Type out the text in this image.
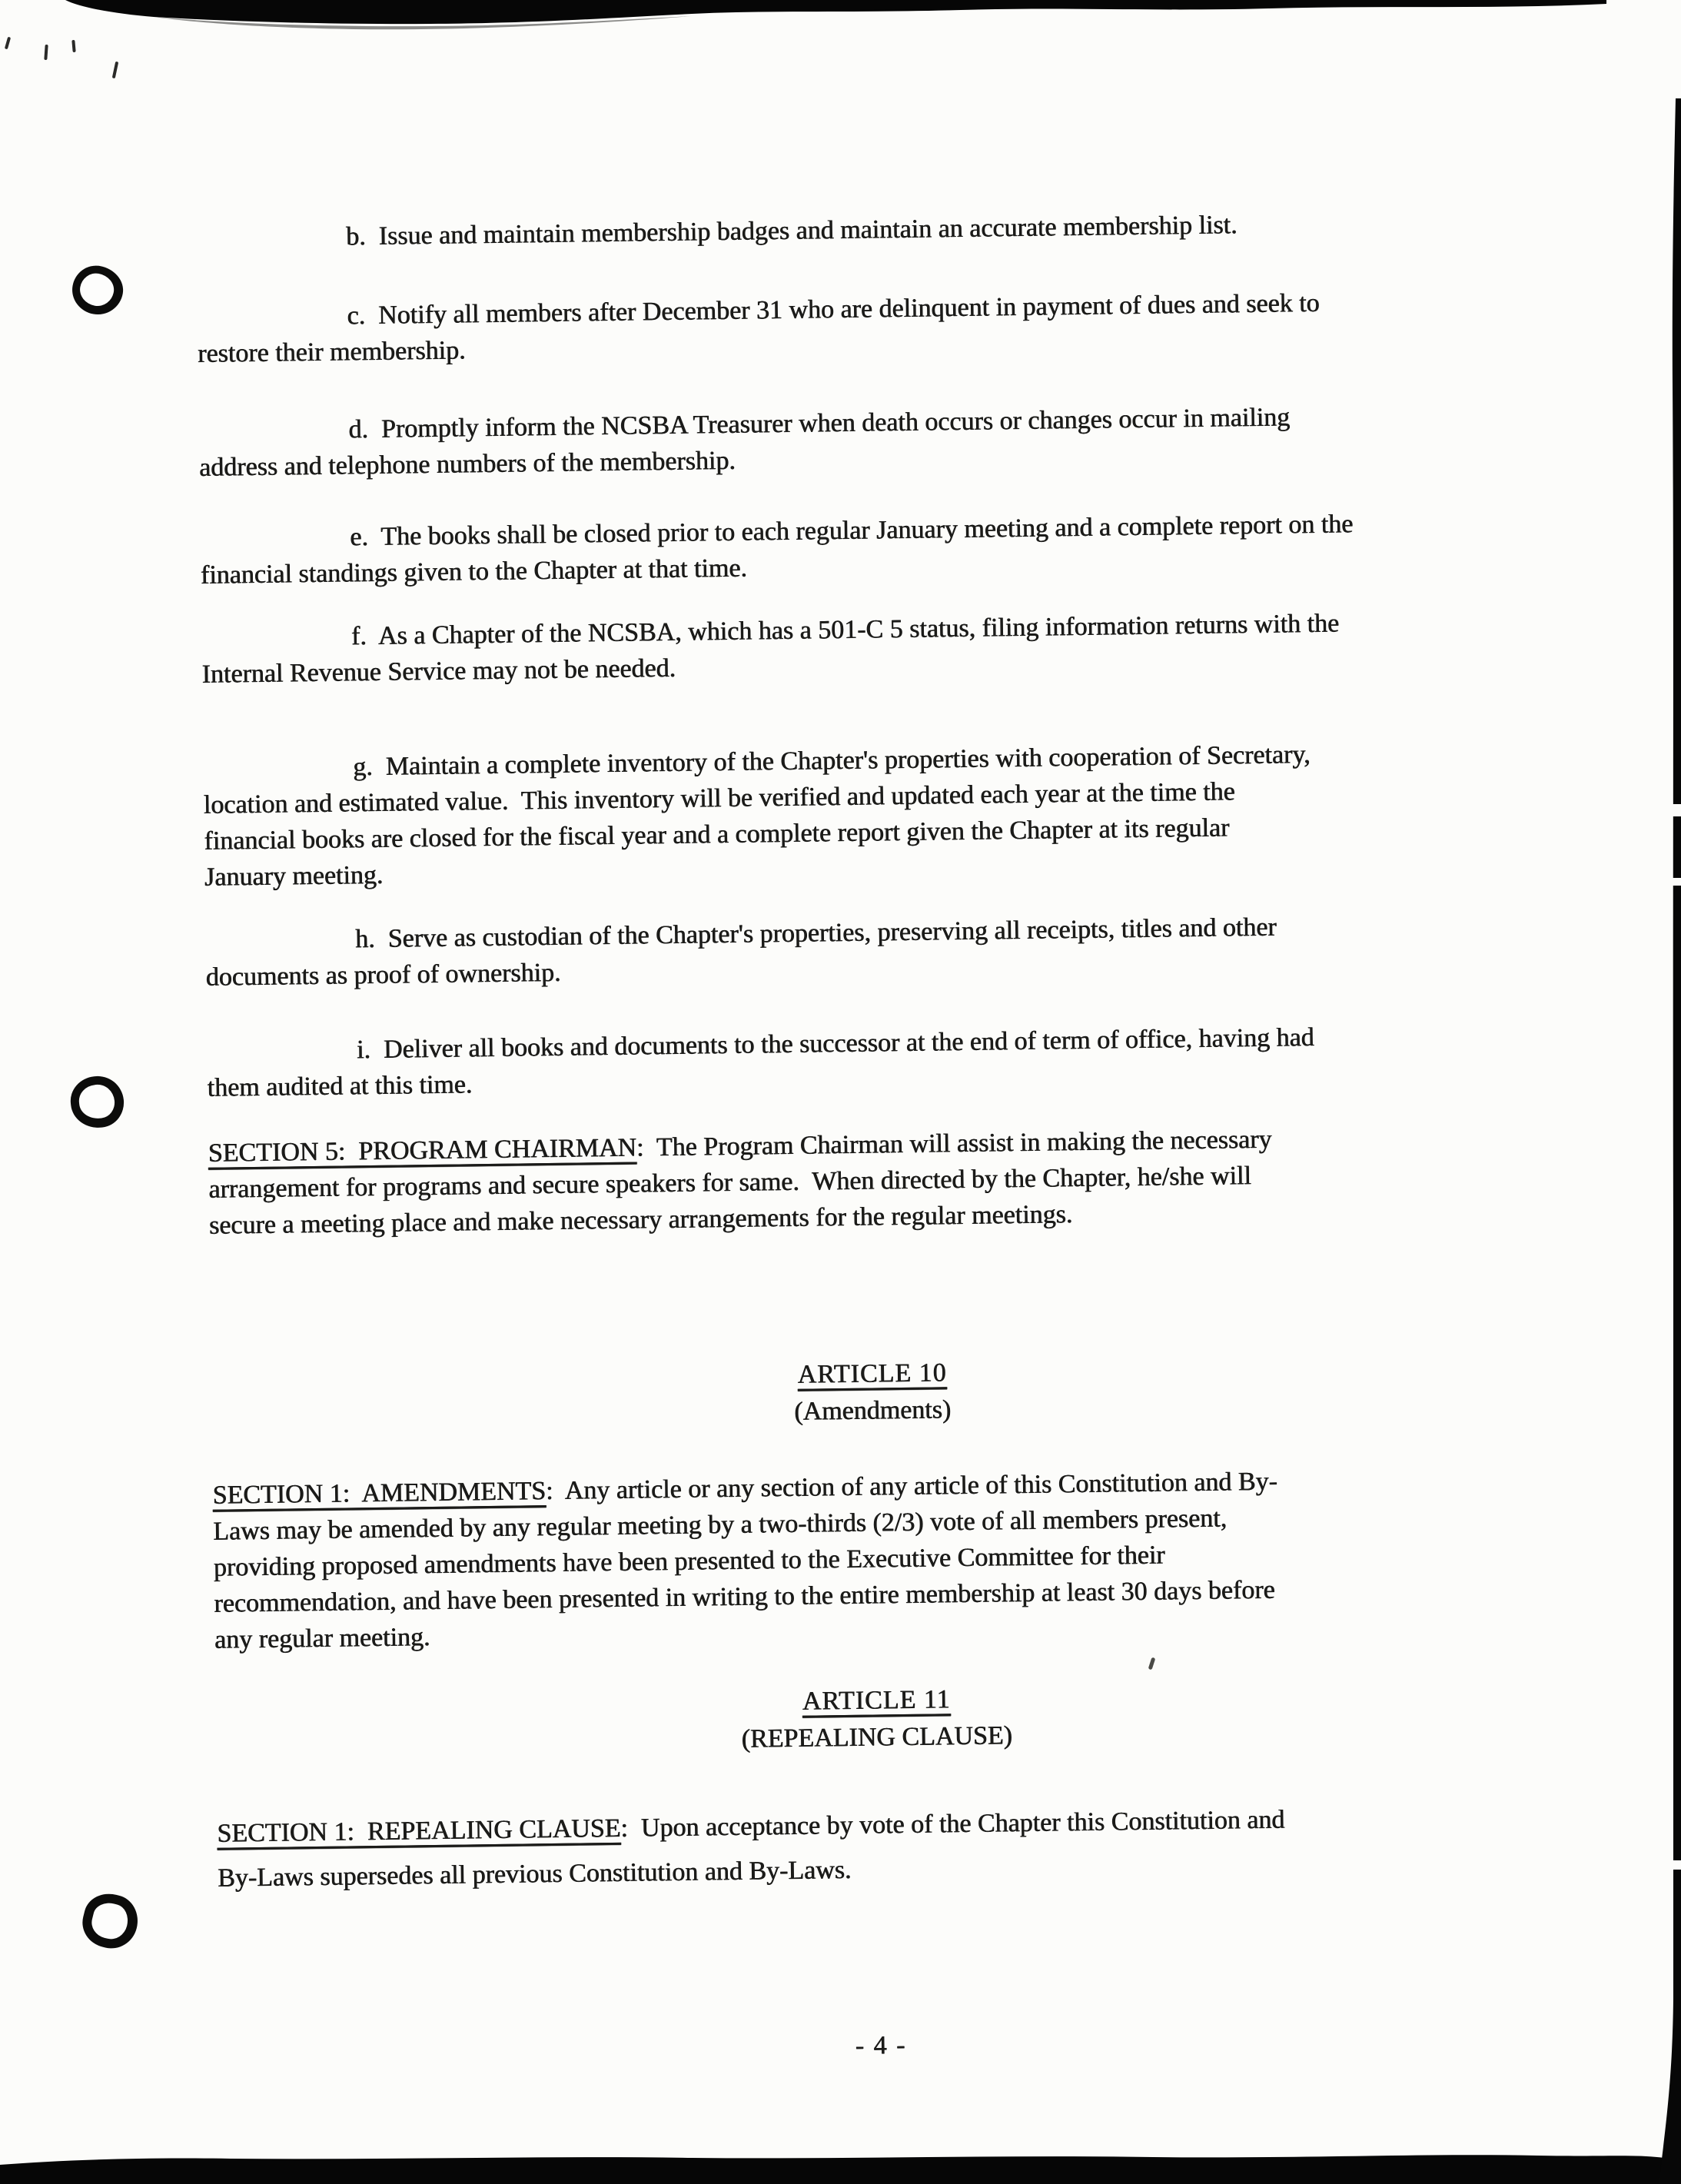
b.  Issue and maintain membership badges and maintain an accurate membership list.
c.  Notify all members after December 31 who are delinquent in payment of dues and seek to
restore their membership.
d.  Promptly inform the NCSBA Treasurer when death occurs or changes occur in mailing
address and telephone numbers of the membership.
e.  The books shall be closed prior to each regular January meeting and a complete report on the
financial standings given to the Chapter at that time.
f.  As a Chapter of the NCSBA, which has a 501-C 5 status, filing information returns with the
Internal Revenue Service may not be needed.
g.  Maintain a complete inventory of the Chapter's properties with cooperation of Secretary,
location and estimated value.  This inventory will be verified and updated each year at the time the
financial books are closed for the fiscal year and a complete report given the Chapter at its regular
January meeting.
h.  Serve as custodian of the Chapter's properties, preserving all receipts, titles and other
documents as proof of ownership.
i.  Deliver all books and documents to the successor at the end of term of office, having had
them audited at this time.
SECTION 5:  PROGRAM CHAIRMAN:  The Program Chairman will assist in making the necessary
arrangement for programs and secure speakers for same.  When directed by the Chapter, he/she will
secure a meeting place and make necessary arrangements for the regular meetings.
ARTICLE 10
(Amendments)
SECTION 1:  AMENDMENTS:  Any article or any section of any article of this Constitution and By-
Laws may be amended by any regular meeting by a two-thirds (2/3) vote of all members present,
providing proposed amendments have been presented to the Executive Committee for their
recommendation, and have been presented in writing to the entire membership at least 30 days before
any regular meeting.
ARTICLE 11
(REPEALING CLAUSE)
SECTION 1:  REPEALING CLAUSE:  Upon acceptance by vote of the Chapter this Constitution and
By-Laws supersedes all previous Constitution and By-Laws.
- 4 -
